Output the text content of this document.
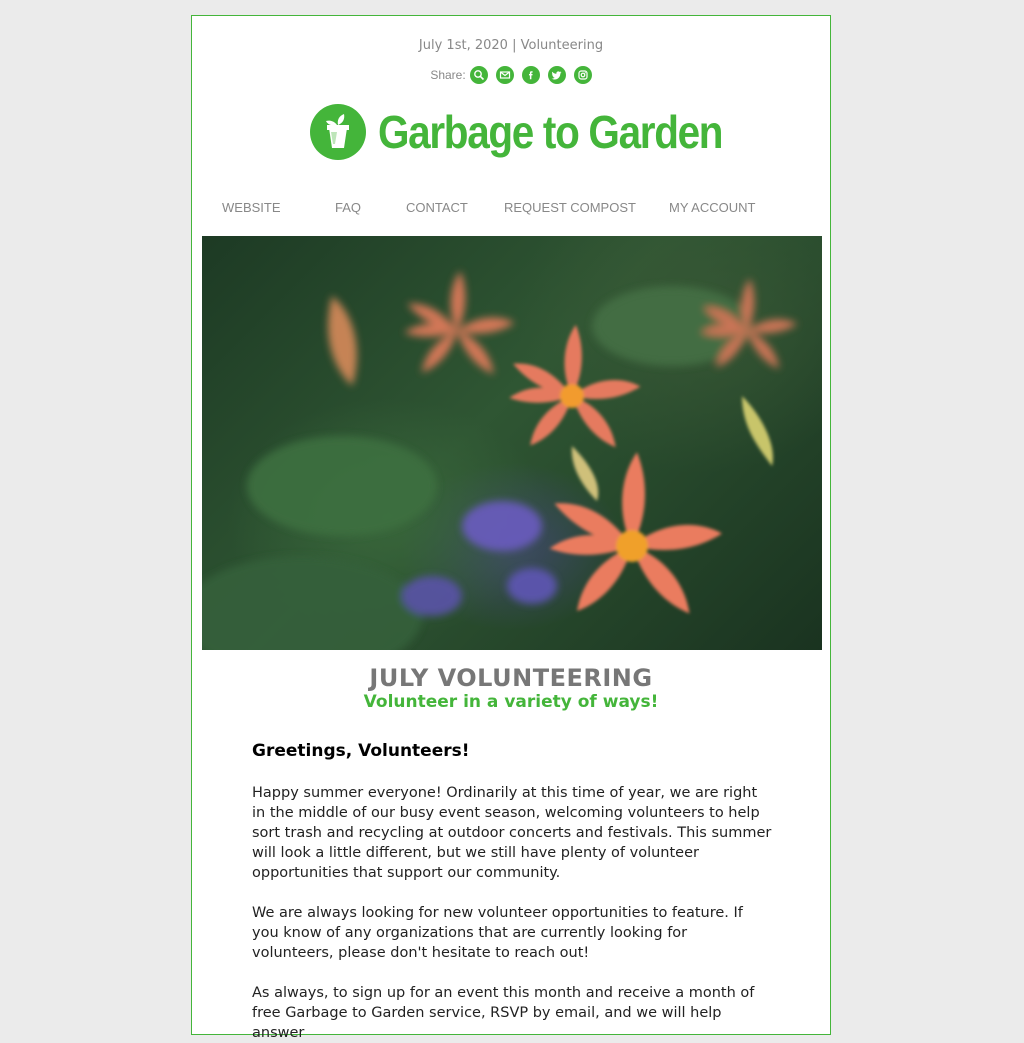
July 1st, 2020 | Volunteering
Share:
Garbage to Garden
WEBSITE	FAQ	CONTACT	REQUEST COMPOST	MY ACCOUNT
JULY VOLUNTEERING
Volunteer in a variety of ways!
Greetings, Volunteers!
Happy summer everyone! Ordinarily at this time of year, we are right in the middle of our busy event season, welcoming volunteers to help sort trash and recycling at outdoor concerts and festivals. This summer will look a little different, but we still have plenty of volunteer opportunities that support our community.
We are always looking for new volunteer opportunities to feature. If you know of any organizations that are currently looking for volunteers, please don't hesitate to reach out!
As always, to sign up for an event this month and receive a month of free Garbage to Garden service, RSVP by email, and we will help answer
